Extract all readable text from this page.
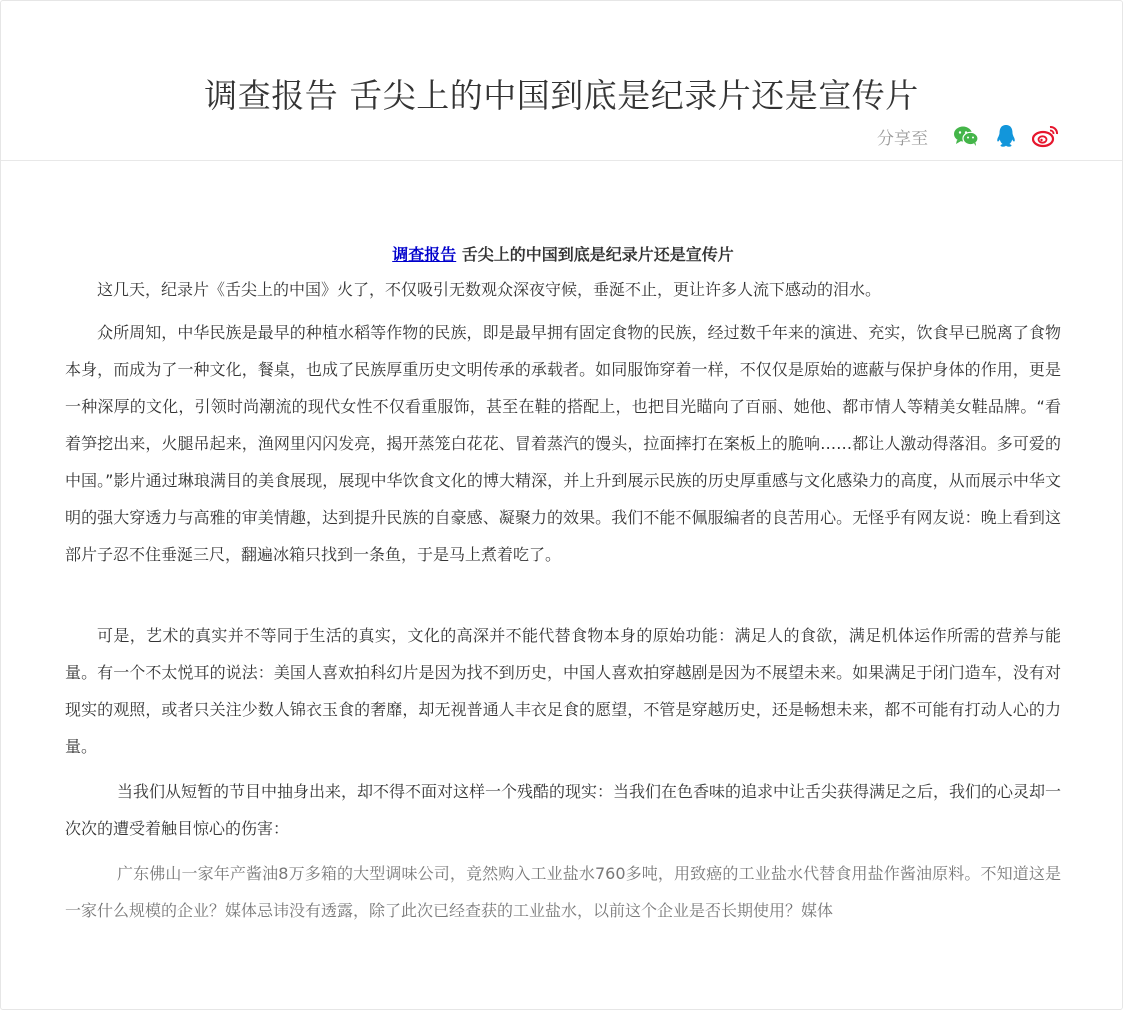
调查报告 舌尖上的中国到底是纪录片还是宣传片
分享至

调查报告 舌尖上的中国到底是纪录片还是宣传片

这几天，纪录片《舌尖上的中国》火了，不仅吸引无数观众深夜守候，垂涎不止，更让许多人流下感动的泪水。

众所周知，中华民族是最早的种植水稻等作物的民族，即是最早拥有固定食物的民族，经过数千年来的演进、充实，饮食早已脱离了食物本身，而成为了一种文化，餐桌，也成了民族厚重历史文明传承的承载者。如同服饰穿着一样，不仅仅是原始的遮蔽与保护身体的作用，更是一种深厚的文化，引领时尚潮流的现代女性不仅看重服饰，甚至在鞋的搭配上，也把目光瞄向了百丽、她他、都市情人等精美女鞋品牌。“看着笋挖出来，火腿吊起来，渔网里闪闪发亮，揭开蒸笼白花花、冒着蒸汽的馒头，拉面摔打在案板上的脆响……都让人激动得落泪。多可爱的中国。”影片通过琳琅满目的美食展现，展现中华饮食文化的博大精深，并上升到展示民族的历史厚重感与文化感染力的高度，从而展示中华文明的强大穿透力与高雅的审美情趣，达到提升民族的自豪感、凝聚力的效果。我们不能不佩服编者的良苦用心。无怪乎有网友说：晚上看到这部片子忍不住垂涎三尺，翻遍冰箱只找到一条鱼，于是马上煮着吃了。

可是，艺术的真实并不等同于生活的真实，文化的高深并不能代替食物本身的原始功能：满足人的食欲，满足机体运作所需的营养与能量。有一个不太悦耳的说法：美国人喜欢拍科幻片是因为找不到历史，中国人喜欢拍穿越剧是因为不展望未来。如果满足于闭门造车，没有对现实的观照，或者只关注少数人锦衣玉食的奢靡，却无视普通人丰衣足食的愿望，不管是穿越历史，还是畅想未来，都不可能有打动人心的力量。

当我们从短暂的节目中抽身出来，却不得不面对这样一个残酷的现实：当我们在色香味的追求中让舌尖获得满足之后，我们的心灵却一次次的遭受着触目惊心的伤害：

广东佛山一家年产酱油8万多箱的大型调味公司，竟然购入工业盐水760多吨，用致癌的工业盐水代替食用盐作酱油原料。不知道这是一家什么规模的企业？媒体忌讳没有透露，除了此次已经查获的工业盐水，以前这个企业是否长期使用？媒体
